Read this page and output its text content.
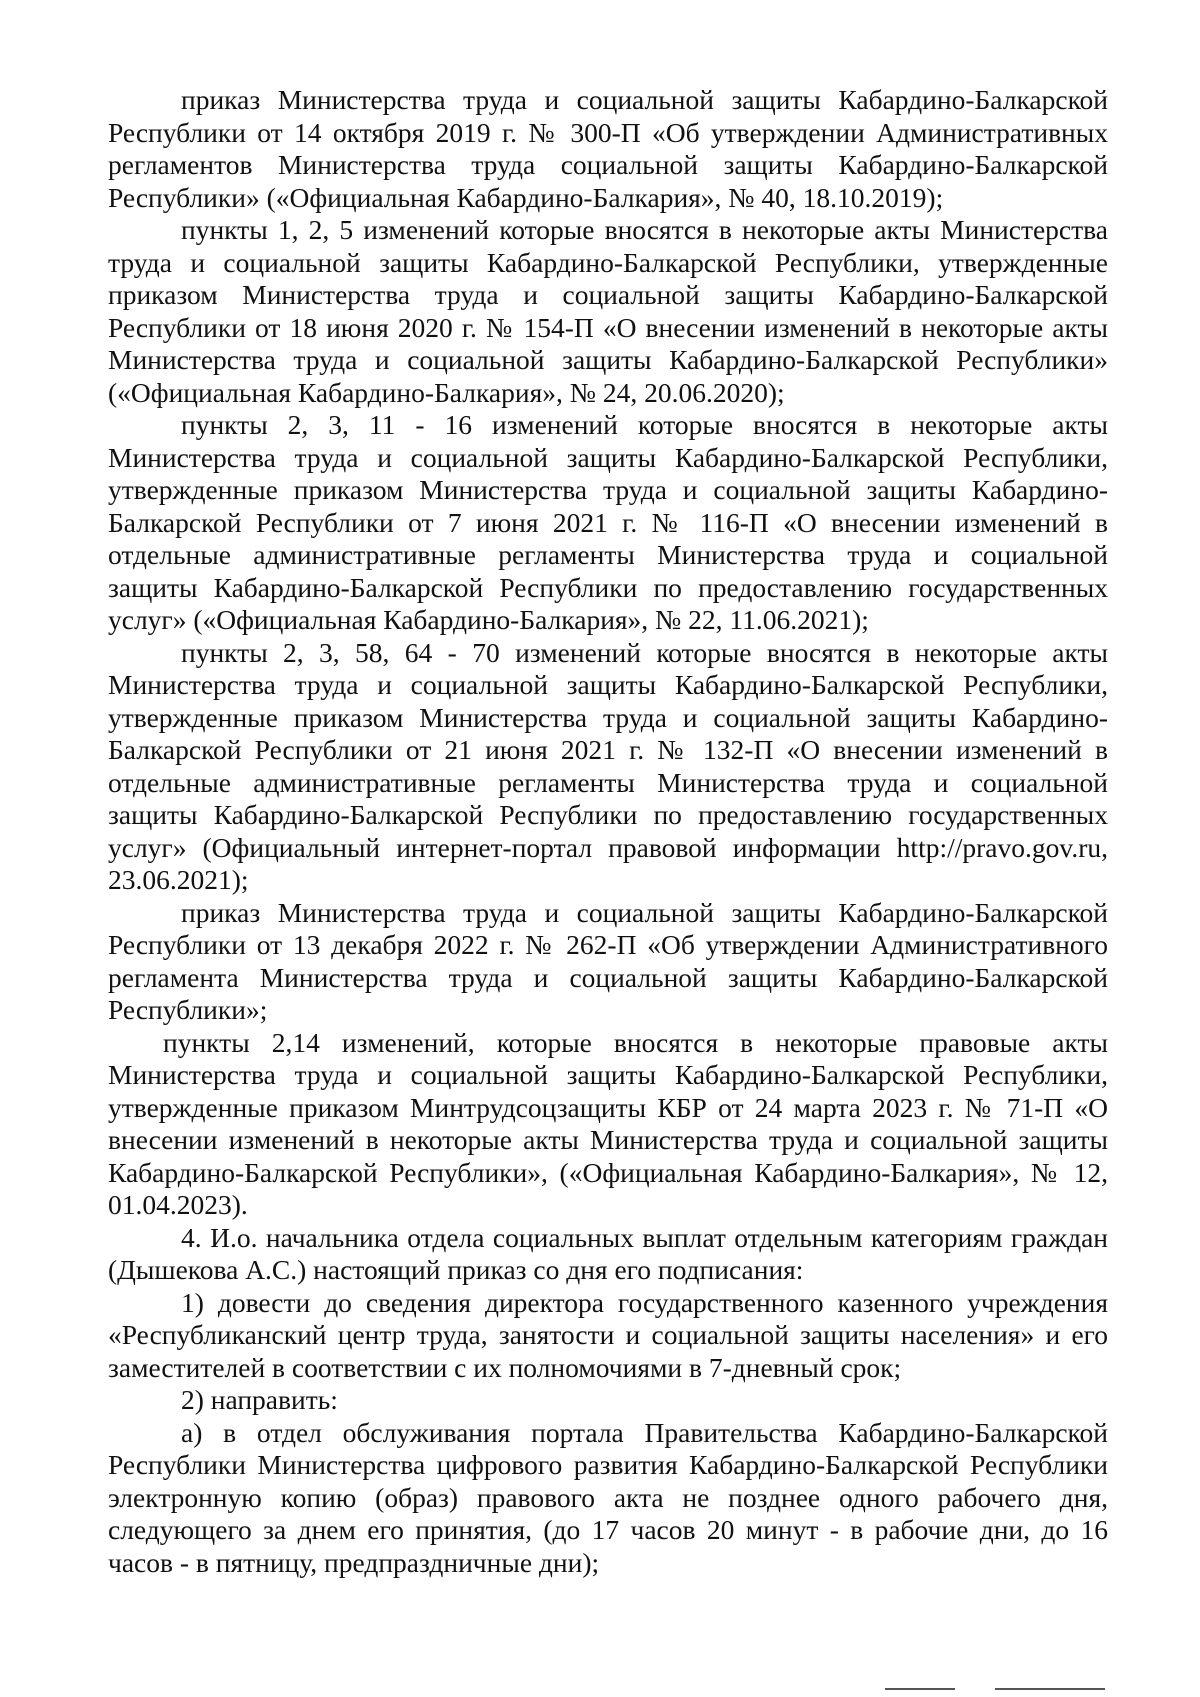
приказ Министерства труда и социальной защиты Кабардино-Балкарской Республики от 14 октября 2019 г. № 300-П «Об утверждении Административных регламентов Министерства труда социальной защиты Кабардино-Балкарской Республики» («Официальная Кабардино-Балкария», № 40, 18.10.2019);

пункты 1, 2, 5 изменений которые вносятся в некоторые акты Министерства труда и социальной защиты Кабардино-Балкарской Республики, утвержденные приказом Министерства труда и социальной защиты Кабардино-Балкарской Республики от 18 июня 2020 г. № 154-П «О внесении изменений в некоторые акты Министерства труда и социальной защиты Кабардино-Балкарской Республики» («Официальная Кабардино-Балкария», № 24, 20.06.2020);

пункты 2, 3, 11 - 16 изменений которые вносятся в некоторые акты Министерства труда и социальной защиты Кабардино-Балкарской Республики, утвержденные приказом Министерства труда и социальной защиты Кабардино-Балкарской Республики от 7 июня 2021 г. № 116-П «О внесении изменений в отдельные административные регламенты Министерства труда и социальной защиты Кабардино-Балкарской Республики по предоставлению государственных услуг» («Официальная Кабардино-Балкария», № 22, 11.06.2021);

пункты 2, 3, 58, 64 - 70 изменений которые вносятся в некоторые акты Министерства труда и социальной защиты Кабардино-Балкарской Республики, утвержденные приказом Министерства труда и социальной защиты Кабардино-Балкарской Республики от 21 июня 2021 г. № 132-П «О внесении изменений в отдельные административные регламенты Министерства труда и социальной защиты Кабардино-Балкарской Республики по предоставлению государственных услуг» (Официальный интернет-портал правовой информации http://pravo.gov.ru, 23.06.2021);

приказ Министерства труда и социальной защиты Кабардино-Балкарской Республики от 13 декабря 2022 г. № 262-П «Об утверждении Административного регламента Министерства труда и социальной защиты Кабардино-Балкарской Республики»;

пункты 2,14 изменений, которые вносятся в некоторые правовые акты Министерства труда и социальной защиты Кабардино-Балкарской Республики, утвержденные приказом Минтрудсоцзащиты КБР от 24 марта 2023 г. № 71-П «О внесении изменений в некоторые акты Министерства труда и социальной защиты Кабардино-Балкарской Республики», («Официальная Кабардино-Балкария», № 12, 01.04.2023).

4. И.о. начальника отдела социальных выплат отдельным категориям граждан (Дышекова А.С.) настоящий приказ со дня его подписания:

1) довести до сведения директора государственного казенного учреждения «Республиканский центр труда, занятости и социальной защиты населения» и его заместителей в соответствии с их полномочиями в 7-дневный срок;

2) направить:

а) в отдел обслуживания портала Правительства Кабардино-Балкарской Республики Министерства цифрового развития Кабардино-Балкарской Республики электронную копию (образ) правового акта не позднее одного рабочего дня, следующего за днем его принятия, (до 17 часов 20 минут - в рабочие дни, до 16 часов - в пятницу, предпраздничные дни);
